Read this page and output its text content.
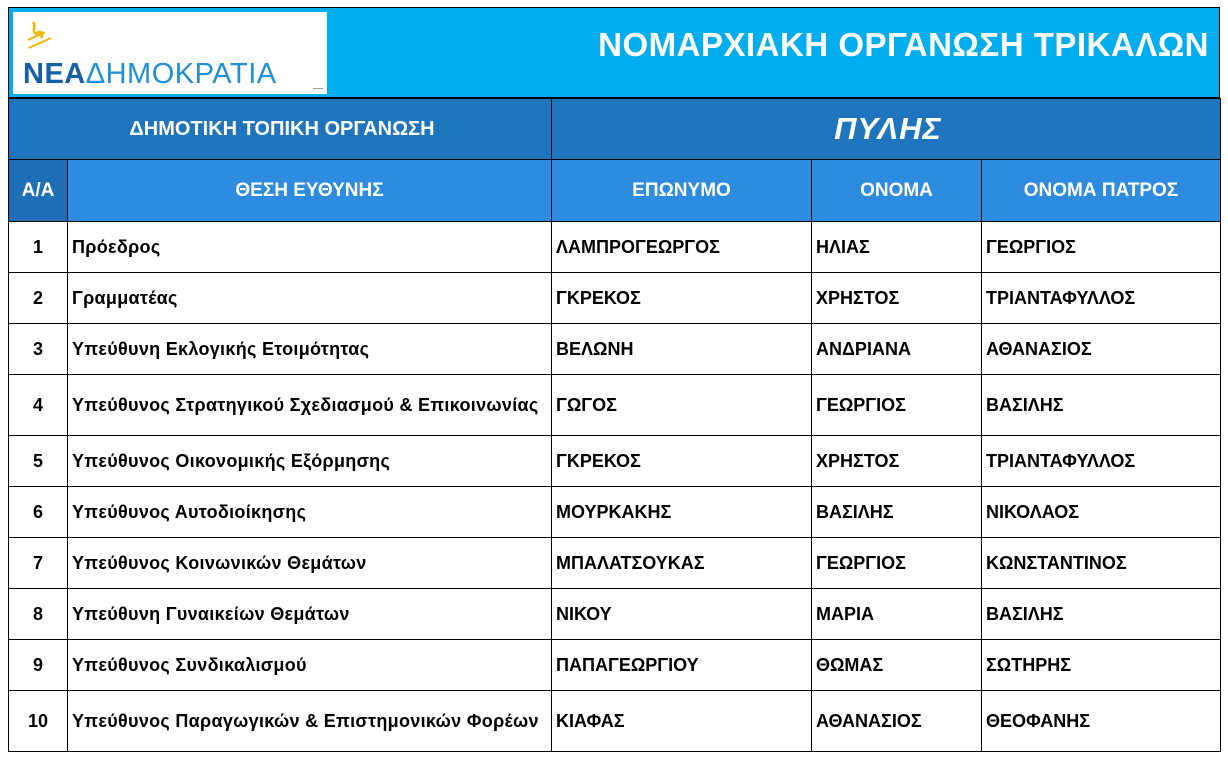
ΝΕΑΔΗΜΟΚΡΑΤΙΑ
ΝΟΜΑΡΧΙΑΚΗ ΟΡΓΑΝΩΣΗ ΤΡΙΚΑΛΩΝ
ΔΗΜΟΤΙΚΗ ΤΟΠΙΚΗ ΟΡΓΑΝΩΣΗ		ΠΥΛΗΣ		
Α/Α	ΘΕΣΗ ΕΥΘΥΝΗΣ	ΕΠΩΝΥΜΟ	ΟΝΟΜΑ	ΟΝΟΜΑ ΠΑΤΡΟΣ
1	Πρόεδρος	ΛΑΜΠΡΟΓΕΩΡΓΟΣ	ΗΛΙΑΣ	ΓΕΩΡΓΙΟΣ
2	Γραμματέας	ΓΚΡΕΚΟΣ	ΧΡΗΣΤΟΣ	ΤΡΙΑΝΤΑΦΥΛΛΟΣ
3	Υπεύθυνη Εκλογικής Ετοιμότητας	ΒΕΛΩΝΗ	ΑΝΔΡΙΑΝΑ	ΑΘΑΝΑΣΙΟΣ
4	Υπεύθυνος Στρατηγικού Σχεδιασμού & Επικοινωνίας	ΓΩΓΟΣ	ΓΕΩΡΓΙΟΣ	ΒΑΣΙΛΗΣ
5	Υπεύθυνος Οικονομικής Εξόρμησης	ΓΚΡΕΚΟΣ	ΧΡΗΣΤΟΣ	ΤΡΙΑΝΤΑΦΥΛΛΟΣ
6	Υπεύθυνος Αυτοδιοίκησης	ΜΟΥΡΚΑΚΗΣ	ΒΑΣΙΛΗΣ	ΝΙΚΟΛΑΟΣ
7	Υπεύθυνος Κοινωνικών Θεμάτων	ΜΠΑΛΑΤΣΟΥΚΑΣ	ΓΕΩΡΓΙΟΣ	ΚΩΝΣΤΑΝΤΙΝΟΣ
8	Υπεύθυνη Γυναικείων Θεμάτων	ΝΙΚΟΥ	ΜΑΡΙΑ	ΒΑΣΙΛΗΣ
9	Υπεύθυνος Συνδικαλισμού	ΠΑΠΑΓΕΩΡΓΙΟΥ	ΘΩΜΑΣ	ΣΩΤΗΡΗΣ
10	Υπεύθυνος Παραγωγικών & Επιστημονικών Φορέων	ΚΙΑΦΑΣ	ΑΘΑΝΑΣΙΟΣ	ΘΕΟΦΑΝΗΣ
